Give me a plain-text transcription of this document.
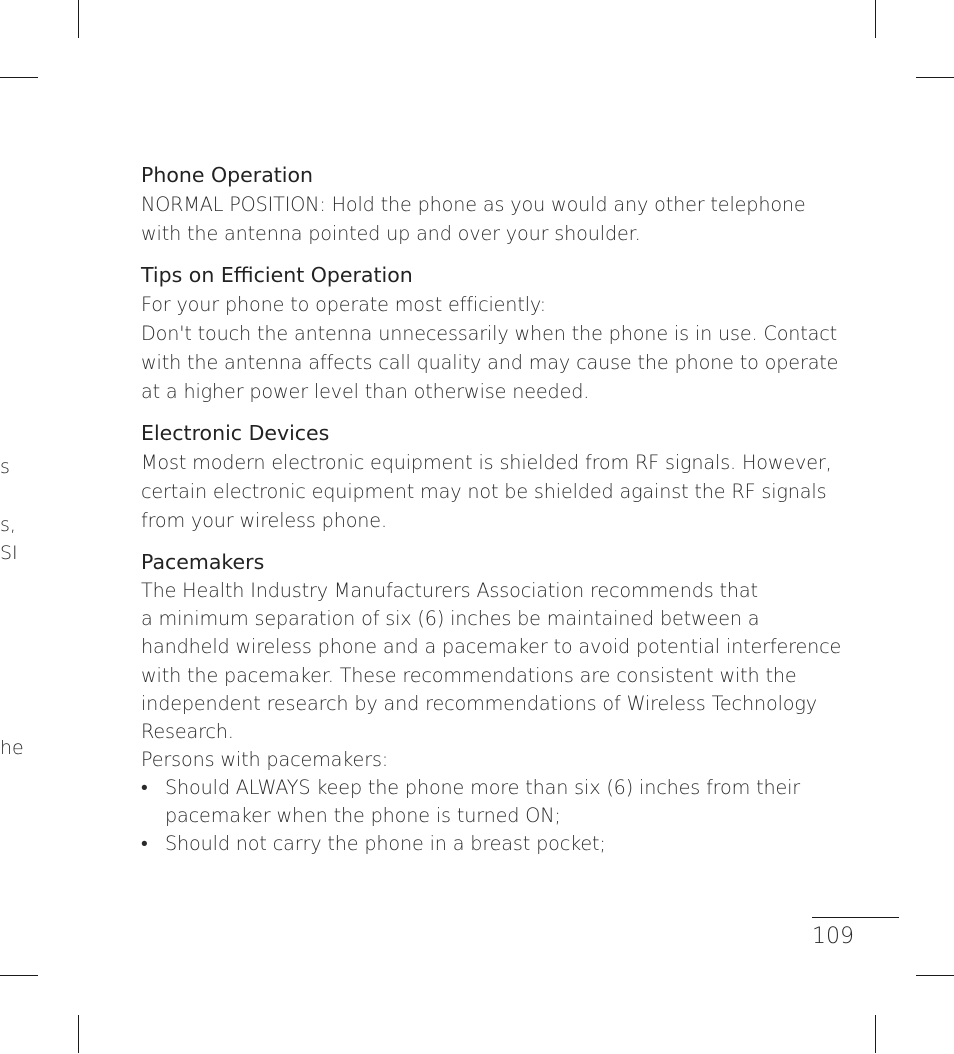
s
s,
SI
he
Phone Operation

NORMAL POSITION: Hold the phone as you would any other telephone
with the antenna pointed up and over your shoulder.

Tips on Efficient Operation

For your phone to operate most efficiently:
Don't touch the antenna unnecessarily when the phone is in use. Contact
with the antenna affects call quality and may cause the phone to operate
at a higher power level than otherwise needed.

Electronic Devices

Most modern electronic equipment is shielded from RF signals. However,
certain electronic equipment may not be shielded against the RF signals
from your wireless phone.

Pacemakers

The Health Industry Manufacturers Association recommends that
a minimum separation of six (6) inches be maintained between a
handheld wireless phone and a pacemaker to avoid potential interference
with the pacemaker. These recommendations are consistent with the
independent research by and recommendations of Wireless Technology
Research.
Persons with pacemakers:

• Should ALWAYS keep the phone more than six (6) inches from their
pacemaker when the phone is turned ON;
• Should not carry the phone in a breast pocket;
109
